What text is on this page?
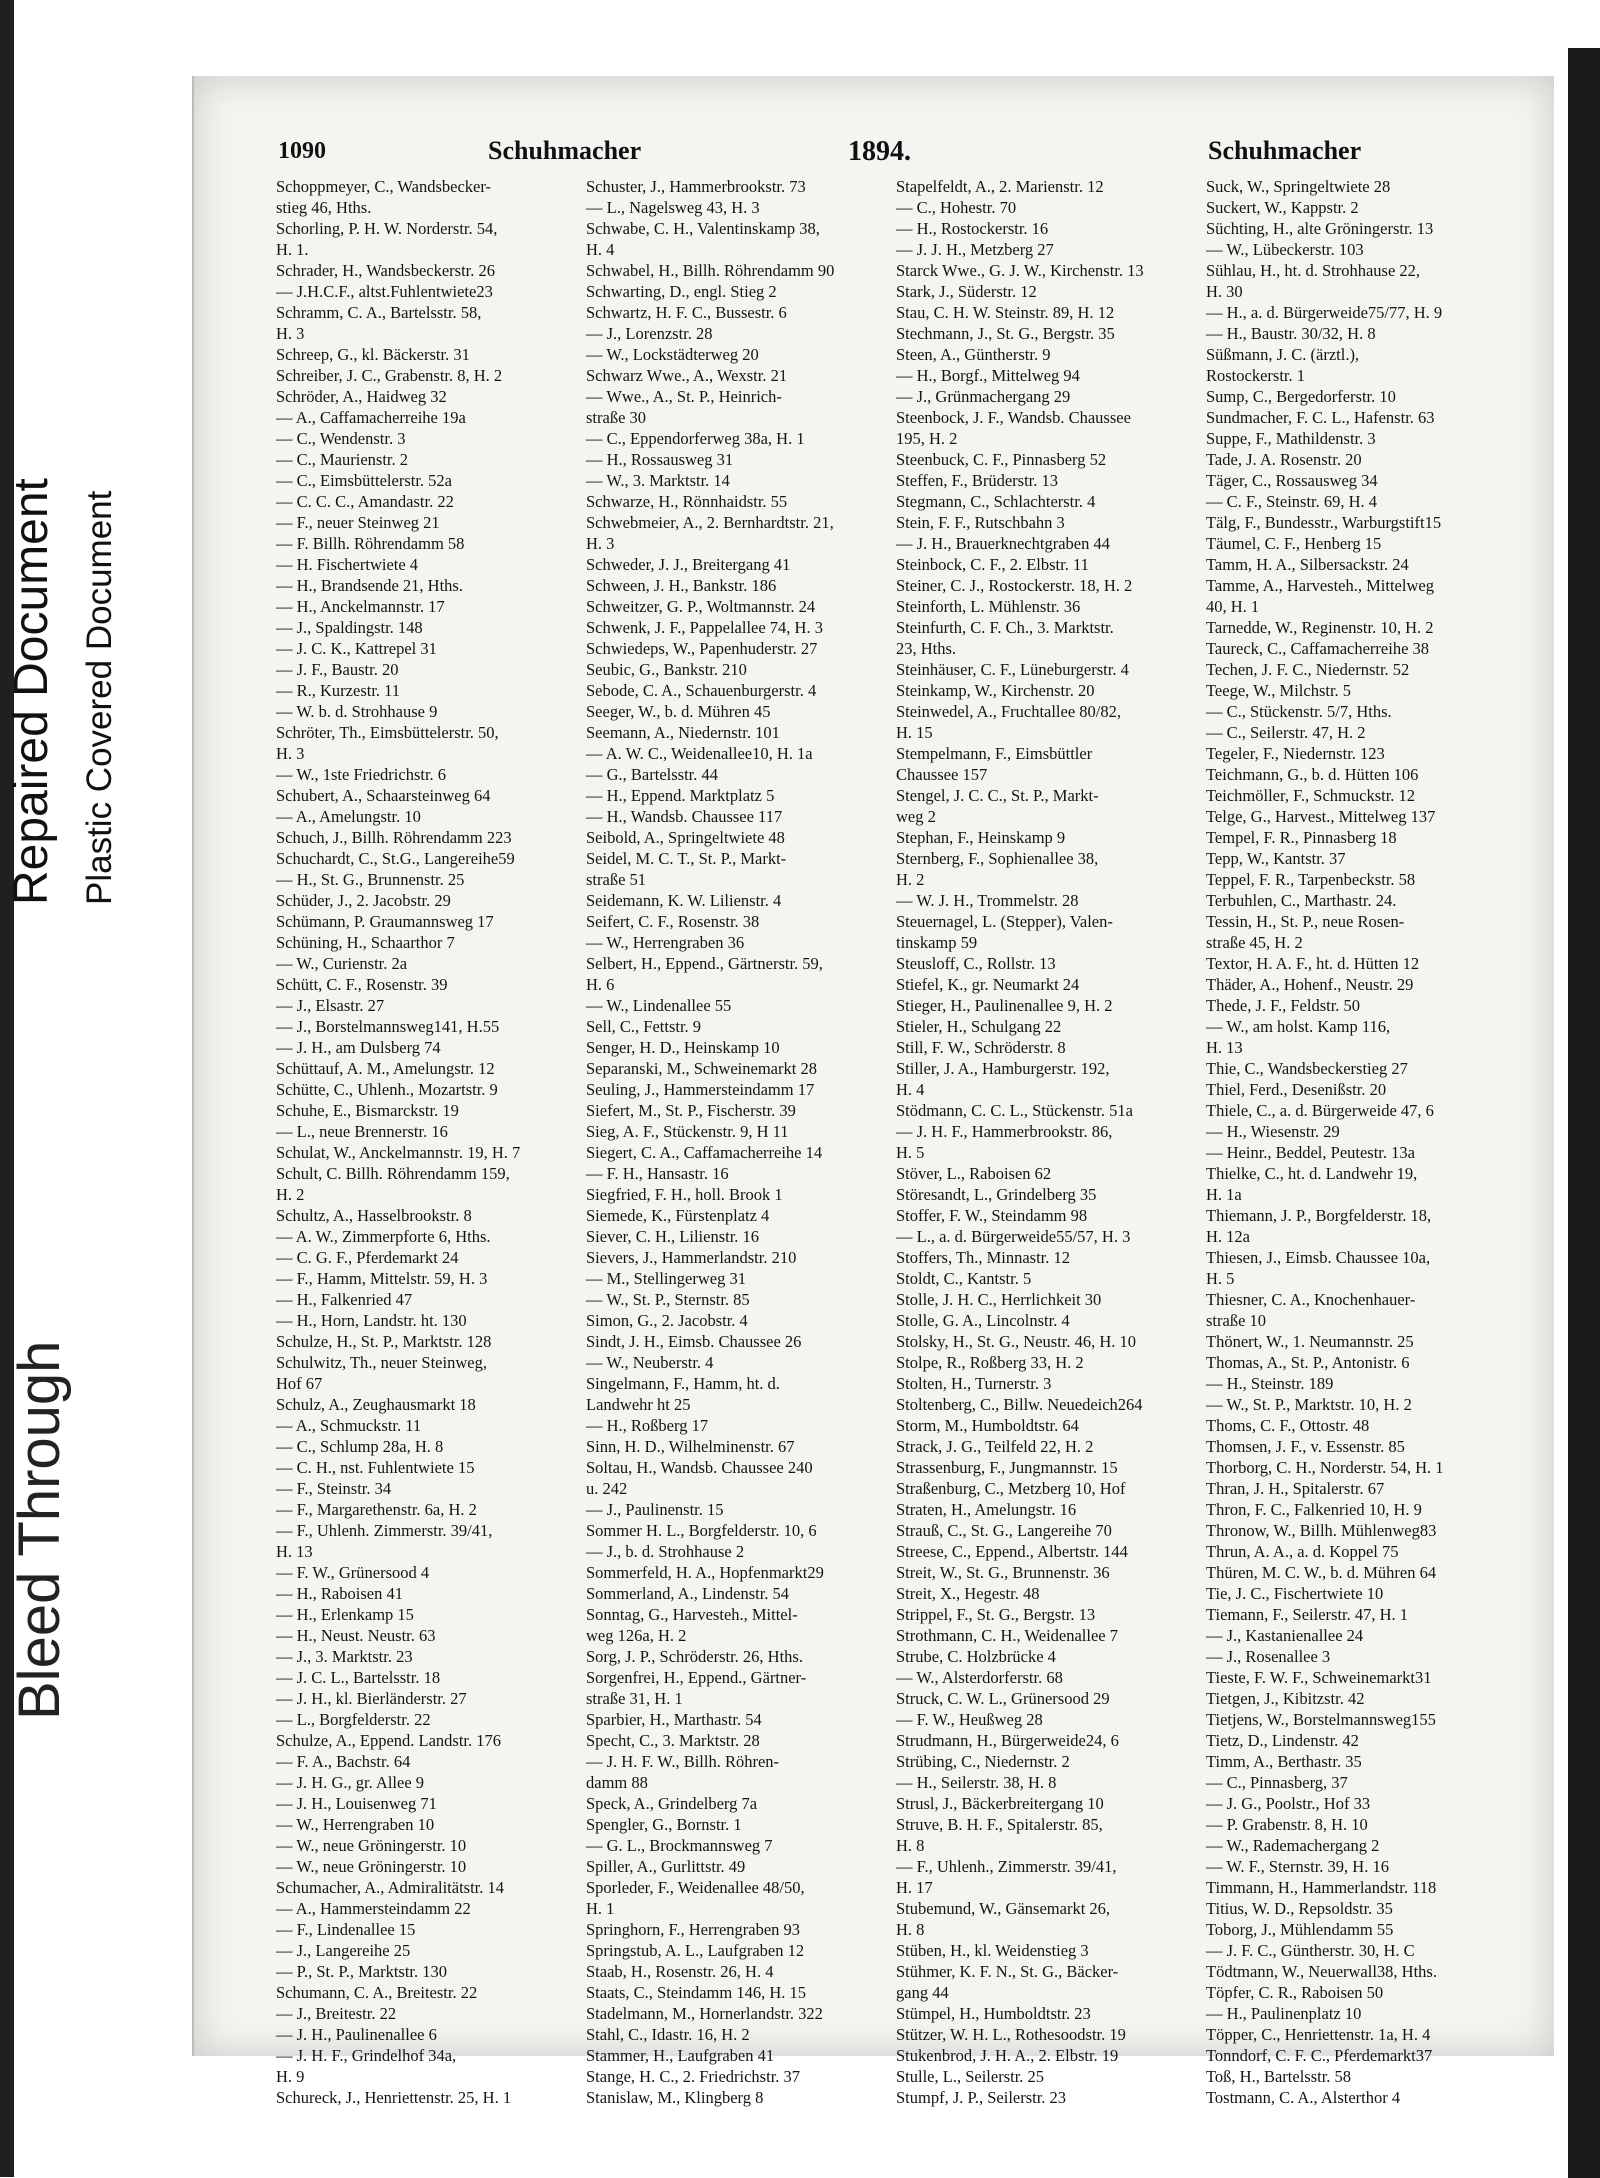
Bleed Through
Repaired Document Plastic Covered Document
1090	Schuhmacher	1894.	Schuhmacher
Schoppmeyer, C., Wandsbecker-
stieg 46, Hths.
Schorling, P. H. W. Norderstr. 54,
H. 1.
Schrader, H., Wandsbeckerstr. 26
— J.H.C.F., altst.Fuhlentwiete23
Schramm, C. A., Bartelsstr. 58,
H. 3
Schreep, G., kl. Bäckerstr. 31
Schreiber, J. C., Grabenstr. 8, H. 2
Schröder, A., Haidweg 32
— A., Caffamacherreihe 19a
— C., Wendenstr. 3
— C., Maurienstr. 2
— C., Eimsbüttelerstr. 52a
— C. C. C., Amandastr. 22
— F., neuer Steinweg 21
— F. Billh. Röhrendamm 58
— H. Fischertwiete 4
— H., Brandsende 21, Hths.
— H., Anckelmannstr. 17
— J., Spaldingstr. 148
— J. C. K., Kattrepel 31
— J. F., Baustr. 20
— R., Kurzestr. 11
— W. b. d. Strohhause 9
Schröter, Th., Eimsbüttelerstr. 50,
H. 3
— W., 1ste Friedrichstr. 6
Schubert, A., Schaarsteinweg 64
— A., Amelungstr. 10
Schuch, J., Billh. Röhrendamm 223
Schuchardt, C., St.G., Langereihe59
— H., St. G., Brunnenstr. 25
Schüder, J., 2. Jacobstr. 29
Schümann, P. Graumannsweg 17
Schüning, H., Schaarthor 7
— W., Curienstr. 2a
Schütt, C. F., Rosenstr. 39
— J., Elsastr. 27
— J., Borstelmannsweg141, H.55
— J. H., am Dulsberg 74
Schüttauf, A. M., Amelungstr. 12
Schütte, C., Uhlenh., Mozartstr. 9
Schuhe, E., Bismarckstr. 19
— L., neue Brennerstr. 16
Schulat, W., Anckelmannstr. 19, H. 7
Schult, C. Billh. Röhrendamm 159,
H. 2
Schultz, A., Hasselbrookstr. 8
— A. W., Zimmerpforte 6, Hths.
— C. G. F., Pferdemarkt 24
— F., Hamm, Mittelstr. 59, H. 3
— H., Falkenried 47
— H., Horn, Landstr. ht. 130
Schulze, H., St. P., Marktstr. 128
Schulwitz, Th., neuer Steinweg,
Hof 67
Schulz, A., Zeughausmarkt 18
— A., Schmuckstr. 11
— C., Schlump 28a, H. 8
— C. H., nst. Fuhlentwiete 15
— F., Steinstr. 34
— F., Margarethenstr. 6a, H. 2
— F., Uhlenh. Zimmerstr. 39/41,
H. 13
— F. W., Grünersood 4
— H., Raboisen 41
— H., Erlenkamp 15
— H., Neust. Neustr. 63
— J., 3. Marktstr. 23
— J. C. L., Bartelsstr. 18
— J. H., kl. Bierländerstr. 27
— L., Borgfelderstr. 22
Schulze, A., Eppend. Landstr. 176
— F. A., Bachstr. 64
— J. H. G., gr. Allee 9
— J. H., Louisenweg 71
— W., Herrengraben 10
— W., neue Gröningerstr. 10
— W., neue Gröningerstr. 10
Schumacher, A., Admiralitätstr. 14
— A., Hammersteindamm 22
— F., Lindenallee 15
— J., Langereihe 25
— P., St. P., Marktstr. 130
Schumann, C. A., Breitestr. 22
— J., Breitestr. 22
— J. H., Paulinenallee 6
— J. H. F., Grindelhof 34a,
H. 9
Schureck, J., Henriettenstr. 25, H. 1
Schuster, J., Hammerbrookstr. 73
— L., Nagelsweg 43, H. 3
Schwabe, C. H., Valentinskamp 38,
H. 4
Schwabel, H., Billh. Röhrendamm 90
Schwarting, D., engl. Stieg 2
Schwartz, H. F. C., Bussestr. 6
— J., Lorenzstr. 28
— W., Lockstädterweg 20
Schwarz Wwe., A., Wexstr. 21
— Wwe., A., St. P., Heinrich-
straße 30
— C., Eppendorferweg 38a, H. 1
— H., Rossausweg 31
— W., 3. Marktstr. 14
Schwarze, H., Rönnhaidstr. 55
Schwebmeier, A., 2. Bernhardtstr. 21,
H. 3
Schweder, J. J., Breitergang 41
Schween, J. H., Bankstr. 186
Schweitzer, G. P., Woltmannstr. 24
Schwenk, J. F., Pappelallee 74, H. 3
Schwiedeps, W., Papenhuderstr. 27
Seubic, G., Bankstr. 210
Sebode, C. A., Schauenburgerstr. 4
Seeger, W., b. d. Mühren 45
Seemann, A., Niedernstr. 101
— A. W. C., Weidenallee10, H. 1a
— G., Bartelsstr. 44
— H., Eppend. Marktplatz 5
— H., Wandsb. Chaussee 117
Seibold, A., Springeltwiete 48
Seidel, M. C. T., St. P., Markt-
straße 51
Seidemann, K. W. Lilienstr. 4
Seifert, C. F., Rosenstr. 38
— W., Herrengraben 36
Selbert, H., Eppend., Gärtnerstr. 59,
H. 6
— W., Lindenallee 55
Sell, C., Fettstr. 9
Senger, H. D., Heinskamp 10
Separanski, M., Schweinemarkt 28
Seuling, J., Hammersteindamm 17
Siefert, M., St. P., Fischerstr. 39
Sieg, A. F., Stückenstr. 9, H 11
Siegert, C. A., Caffamacherreihe 14
— F. H., Hansastr. 16
Siegfried, F. H., holl. Brook 1
Siemede, K., Fürstenplatz 4
Siever, C. H., Lilienstr. 16
Sievers, J., Hammerlandstr. 210
— M., Stellingerweg 31
— W., St. P., Sternstr. 85
Simon, G., 2. Jacobstr. 4
Sindt, J. H., Eimsb. Chaussee 26
— W., Neuberstr. 4
Singelmann, F., Hamm, ht. d.
Landwehr ht 25
— H., Roßberg 17
Sinn, H. D., Wilhelminenstr. 67
Soltau, H., Wandsb. Chaussee 240
u. 242
— J., Paulinenstr. 15
Sommer H. L., Borgfelderstr. 10, 6
— J., b. d. Strohhause 2
Sommerfeld, H. A., Hopfenmarkt29
Sommerland, A., Lindenstr. 54
Sonntag, G., Harvesteh., Mittel-
weg 126a, H. 2
Sorg, J. P., Schröderstr. 26, Hths.
Sorgenfrei, H., Eppend., Gärtner-
straße 31, H. 1
Sparbier, H., Marthastr. 54
Specht, C., 3. Marktstr. 28
— J. H. F. W., Billh. Röhren-
damm 88
Speck, A., Grindelberg 7a
Spengler, G., Bornstr. 1
— G. L., Brockmannsweg 7
Spiller, A., Gurlittstr. 49
Sporleder, F., Weidenallee 48/50,
H. 1
Springhorn, F., Herrengraben 93
Springstub, A. L., Laufgraben 12
Staab, H., Rosenstr. 26, H. 4
Staats, C., Steindamm 146, H. 15
Stadelmann, M., Hornerlandstr. 322
Stahl, C., Idastr. 16, H. 2
Stammer, H., Laufgraben 41
Stange, H. C., 2. Friedrichstr. 37
Stanislaw, M., Klingberg 8
Stapelfeldt, A., 2. Marienstr. 12
— C., Hohestr. 70
— H., Rostockerstr. 16
— J. J. H., Metzberg 27
Starck Wwe., G. J. W., Kirchenstr. 13
Stark, J., Süderstr. 12
Stau, C. H. W. Steinstr. 89, H. 12
Stechmann, J., St. G., Bergstr. 35
Steen, A., Güntherstr. 9
— H., Borgf., Mittelweg 94
— J., Grünmachergang 29
Steenbock, J. F., Wandsb. Chaussee
195, H. 2
Steenbuck, C. F., Pinnasberg 52
Steffen, F., Brüderstr. 13
Stegmann, C., Schlachterstr. 4
Stein, F. F., Rutschbahn 3
— J. H., Brauerknechtgraben 44
Steinbock, C. F., 2. Elbstr. 11
Steiner, C. J., Rostockerstr. 18, H. 2
Steinforth, L. Mühlenstr. 36
Steinfurth, C. F. Ch., 3. Marktstr.
23, Hths.
Steinhäuser, C. F., Lüneburgerstr. 4
Steinkamp, W., Kirchenstr. 20
Steinwedel, A., Fruchtallee 80/82,
H. 15
Stempelmann, F., Eimsbüttler
Chaussee 157
Stengel, J. C. C., St. P., Markt-
weg 2
Stephan, F., Heinskamp 9
Sternberg, F., Sophienallee 38,
H. 2
— W. J. H., Trommelstr. 28
Steuernagel, L. (Stepper), Valen-
tinskamp 59
Steusloff, C., Rollstr. 13
Stiefel, K., gr. Neumarkt 24
Stieger, H., Paulinenallee 9, H. 2
Stieler, H., Schulgang 22
Still, F. W., Schröderstr. 8
Stiller, J. A., Hamburgerstr. 192,
H. 4
Stödmann, C. C. L., Stückenstr. 51a
— J. H. F., Hammerbrookstr. 86,
H. 5
Stöver, L., Raboisen 62
Störesandt, L., Grindelberg 35
Stoffer, F. W., Steindamm 98
— L., a. d. Bürgerweide55/57, H. 3
Stoffers, Th., Minnastr. 12
Stoldt, C., Kantstr. 5
Stolle, J. H. C., Herrlichkeit 30
Stolle, G. A., Lincolnstr. 4
Stolsky, H., St. G., Neustr. 46, H. 10
Stolpe, R., Roßberg 33, H. 2
Stolten, H., Turnerstr. 3
Stoltenberg, C., Billw. Neuedeich264
Storm, M., Humboldtstr. 64
Strack, J. G., Teilfeld 22, H. 2
Strassenburg, F., Jungmannstr. 15
Straßenburg, C., Metzberg 10, Hof
Straten, H., Amelungstr. 16
Strauß, C., St. G., Langereihe 70
Streese, C., Eppend., Albertstr. 144
Streit, W., St. G., Brunnenstr. 36
Streit, X., Hegestr. 48
Strippel, F., St. G., Bergstr. 13
Strothmann, C. H., Weidenallee 7
Strube, C. Holzbrücke 4
— W., Alsterdorferstr. 68
Struck, C. W. L., Grünersood 29
— F. W., Heußweg 28
Strudmann, H., Bürgerweide24, 6
Strübing, C., Niedernstr. 2
— H., Seilerstr. 38, H. 8
Strusl, J., Bäckerbreitergang 10
Struve, B. H. F., Spitalerstr. 85,
H. 8
— F., Uhlenh., Zimmerstr. 39/41,
H. 17
Stubemund, W., Gänsemarkt 26,
H. 8
Stüben, H., kl. Weidenstieg 3
Stühmer, K. F. N., St. G., Bäcker-
gang 44
Stümpel, H., Humboldtstr. 23
Stützer, W. H. L., Rothesoodstr. 19
Stukenbrod, J. H. A., 2. Elbstr. 19
Stulle, L., Seilerstr. 25
Stumpf, J. P., Seilerstr. 23
Suck, W., Springeltwiete 28
Suckert, W., Kappstr. 2
Süchting, H., alte Gröningerstr. 13
— W., Lübeckerstr. 103
Sühlau, H., ht. d. Strohhause 22,
H. 30
— H., a. d. Bürgerweide75/77, H. 9
— H., Baustr. 30/32, H. 8
Süßmann, J. C. (ärztl.),
Rostockerstr. 1
Sump, C., Bergedorferstr. 10
Sundmacher, F. C. L., Hafenstr. 63
Suppe, F., Mathildenstr. 3
Tade, J. A. Rosenstr. 20
Täger, C., Rossausweg 34
— C. F., Steinstr. 69, H. 4
Tälg, F., Bundesstr., Warburgstift15
Täumel, C. F., Henberg 15
Tamm, H. A., Silbersackstr. 24
Tamme, A., Harvesteh., Mittelweg
40, H. 1
Tarnedde, W., Reginenstr. 10, H. 2
Taureck, C., Caffamacherreihe 38
Techen, J. F. C., Niedernstr. 52
Teege, W., Milchstr. 5
— C., Stückenstr. 5/7, Hths.
— C., Seilerstr. 47, H. 2
Tegeler, F., Niedernstr. 123
Teichmann, G., b. d. Hütten 106
Teichmöller, F., Schmuckstr. 12
Telge, G., Harvest., Mittelweg 137
Tempel, F. R., Pinnasberg 18
Tepp, W., Kantstr. 37
Teppel, F. R., Tarpenbeckstr. 58
Terbuhlen, C., Marthastr. 24.
Tessin, H., St. P., neue Rosen-
straße 45, H. 2
Textor, H. A. F., ht. d. Hütten 12
Thäder, A., Hohenf., Neustr. 29
Thede, J. F., Feldstr. 50
— W., am holst. Kamp 116,
H. 13
Thie, C., Wandsbeckerstieg 27
Thiel, Ferd., Desenißstr. 20
Thiele, C., a. d. Bürgerweide 47, 6
— H., Wiesenstr. 29
— Heinr., Beddel, Peutestr. 13a
Thielke, C., ht. d. Landwehr 19,
H. 1a
Thiemann, J. P., Borgfelderstr. 18,
H. 12a
Thiesen, J., Eimsb. Chaussee 10a,
H. 5
Thiesner, C. A., Knochenhauer-
straße 10
Thönert, W., 1. Neumannstr. 25
Thomas, A., St. P., Antonistr. 6
— H., Steinstr. 189
— W., St. P., Marktstr. 10, H. 2
Thoms, C. F., Ottostr. 48
Thomsen, J. F., v. Essenstr. 85
Thorborg, C. H., Norderstr. 54, H. 1
Thran, J. H., Spitalerstr. 67
Thron, F. C., Falkenried 10, H. 9
Thronow, W., Billh. Mühlenweg83
Thrun, A. A., a. d. Koppel 75
Thüren, M. C. W., b. d. Mühren 64
Tie, J. C., Fischertwiete 10
Tiemann, F., Seilerstr. 47, H. 1
— J., Kastanienallee 24
— J., Rosenallee 3
Tieste, F. W. F., Schweinemarkt31
Tietgen, J., Kibitzstr. 42
Tietjens, W., Borstelmannsweg155
Tietz, D., Lindenstr. 42
Timm, A., Berthastr. 35
— C., Pinnasberg, 37
— J. G., Poolstr., Hof 33
— P. Grabenstr. 8, H. 10
— W., Rademachergang 2
— W. F., Sternstr. 39, H. 16
Timmann, H., Hammerlandstr. 118
Titius, W. D., Repsoldstr. 35
Toborg, J., Mühlendamm 55
— J. F. C., Güntherstr. 30, H. C
Tödtmann, W., Neuerwall38, Hths.
Töpfer, C. R., Raboisen 50
— H., Paulinenplatz 10
Töpper, C., Henriettenstr. 1a, H. 4
Tonndorf, C. F. C., Pferdemarkt37
Toß, H., Bartelsstr. 58
Tostmann, C. A., Alsterthor 4
